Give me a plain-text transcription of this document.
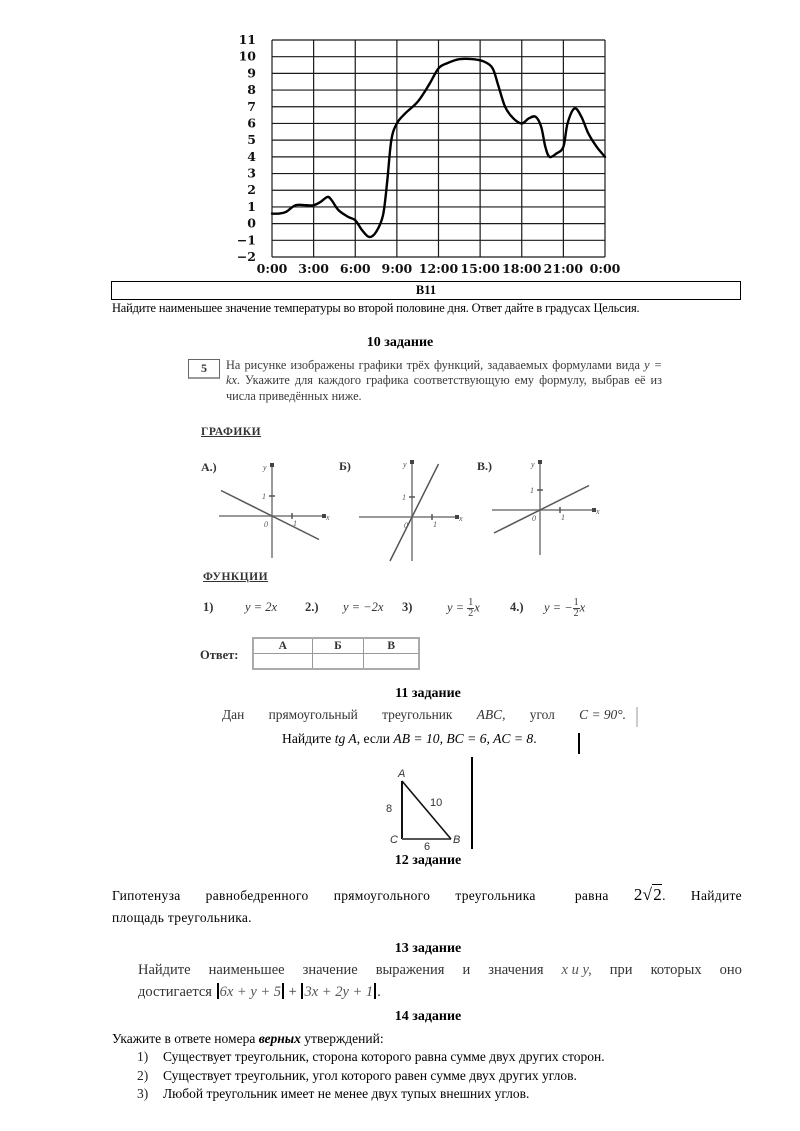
11
10
9
8
7
6
5
4
3
2
1
0
−1
−2
0:00 3:00 6:00 9:00 12:00 15:00 18:00 21:00 0:00
B11
Найдите наименьшее значение температуры во второй половине дня. Ответ дайте в градусах Цельсия.
10 задание
5	На рисунке изображены графики трёх функций, задаваемых формулами вида y = kx. Укажите для каждого графика соответствующую ему формулу, выбрав её из числа приведённых ниже.
ГРАФИКИ
А.)	Б)	В.)
y
x
0
1
1
y
x
0
1
1
y
x
0
1
1
ФУНКЦИИ
1)	y = 2x 2.) y = −2x 3)	$y = \frac{1}{2}$ x 4.) y = − $\frac{1}{2}$ x
Ответ:
А	Б	В

11 задание
Дан прямоугольный треугольник ABC, угол C = 90°.
Найдите tg A, если AB = 10, BC = 6, AC = 8.
A
C	B
8	10
6
12 задание
Гипотенуза равнобедренного прямоугольного треугольника	равна 2√2. Найдите
площадь треугольника.
13 задание
Найдите наименьшее значение выражения и значения x и y, при которых оно
достигается 6x + y + 5 + 3x + 2y + 1 .
14 задание
Укажите в ответе номера верных утверждений:
1)	Существует треугольник, сторона которого равна сумме двух других сторон.
2)	Существует треугольник, угол которого равен сумме двух других углов.
3)	Любой треугольник имеет не менее двух тупых внешних углов.
